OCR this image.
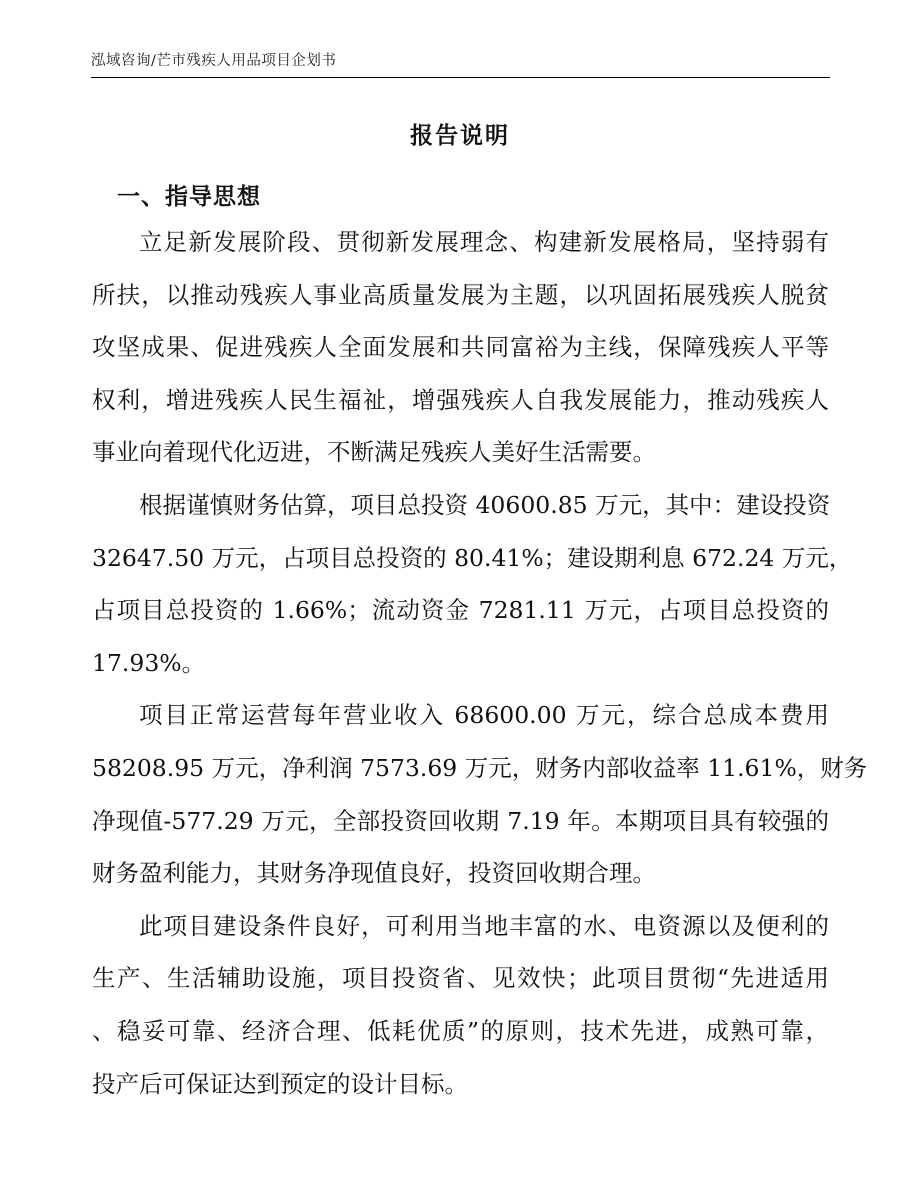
泓域咨询/芒市残疾人用品项目企划书
报告说明
一、指导思想
立足新发展阶段、贯彻新发展理念、构建新发展格局，坚持弱有
所扶，以推动残疾人事业高质量发展为主题，以巩固拓展残疾人脱贫
攻坚成果、促进残疾人全面发展和共同富裕为主线，保障残疾人平等
权利，增进残疾人民生福祉，增强残疾人自我发展能力，推动残疾人
事业向着现代化迈进，不断满足残疾人美好生活需要。
根据谨慎财务估算，项目总投资 40600.85 万元，其中：建设投资
32647.50 万元，占项目总投资的 80.41%；建设期利息 672.24 万元，
占项目总投资的 1.66%；流动资金 7281.11 万元，占项目总投资的
17.93%。
项目正常运营每年营业收入 68600.00 万元，综合总成本费用
58208.95 万元，净利润 7573.69 万元，财务内部收益率 11.61%，财务
净现值-577.29 万元，全部投资回收期 7.19 年。本期项目具有较强的
财务盈利能力，其财务净现值良好，投资回收期合理。
此项目建设条件良好，可利用当地丰富的水、电资源以及便利的
生产、生活辅助设施，项目投资省、见效快；此项目贯彻“先进适用
、稳妥可靠、经济合理、低耗优质”的原则，技术先进，成熟可靠，
投产后可保证达到预定的设计目标。
